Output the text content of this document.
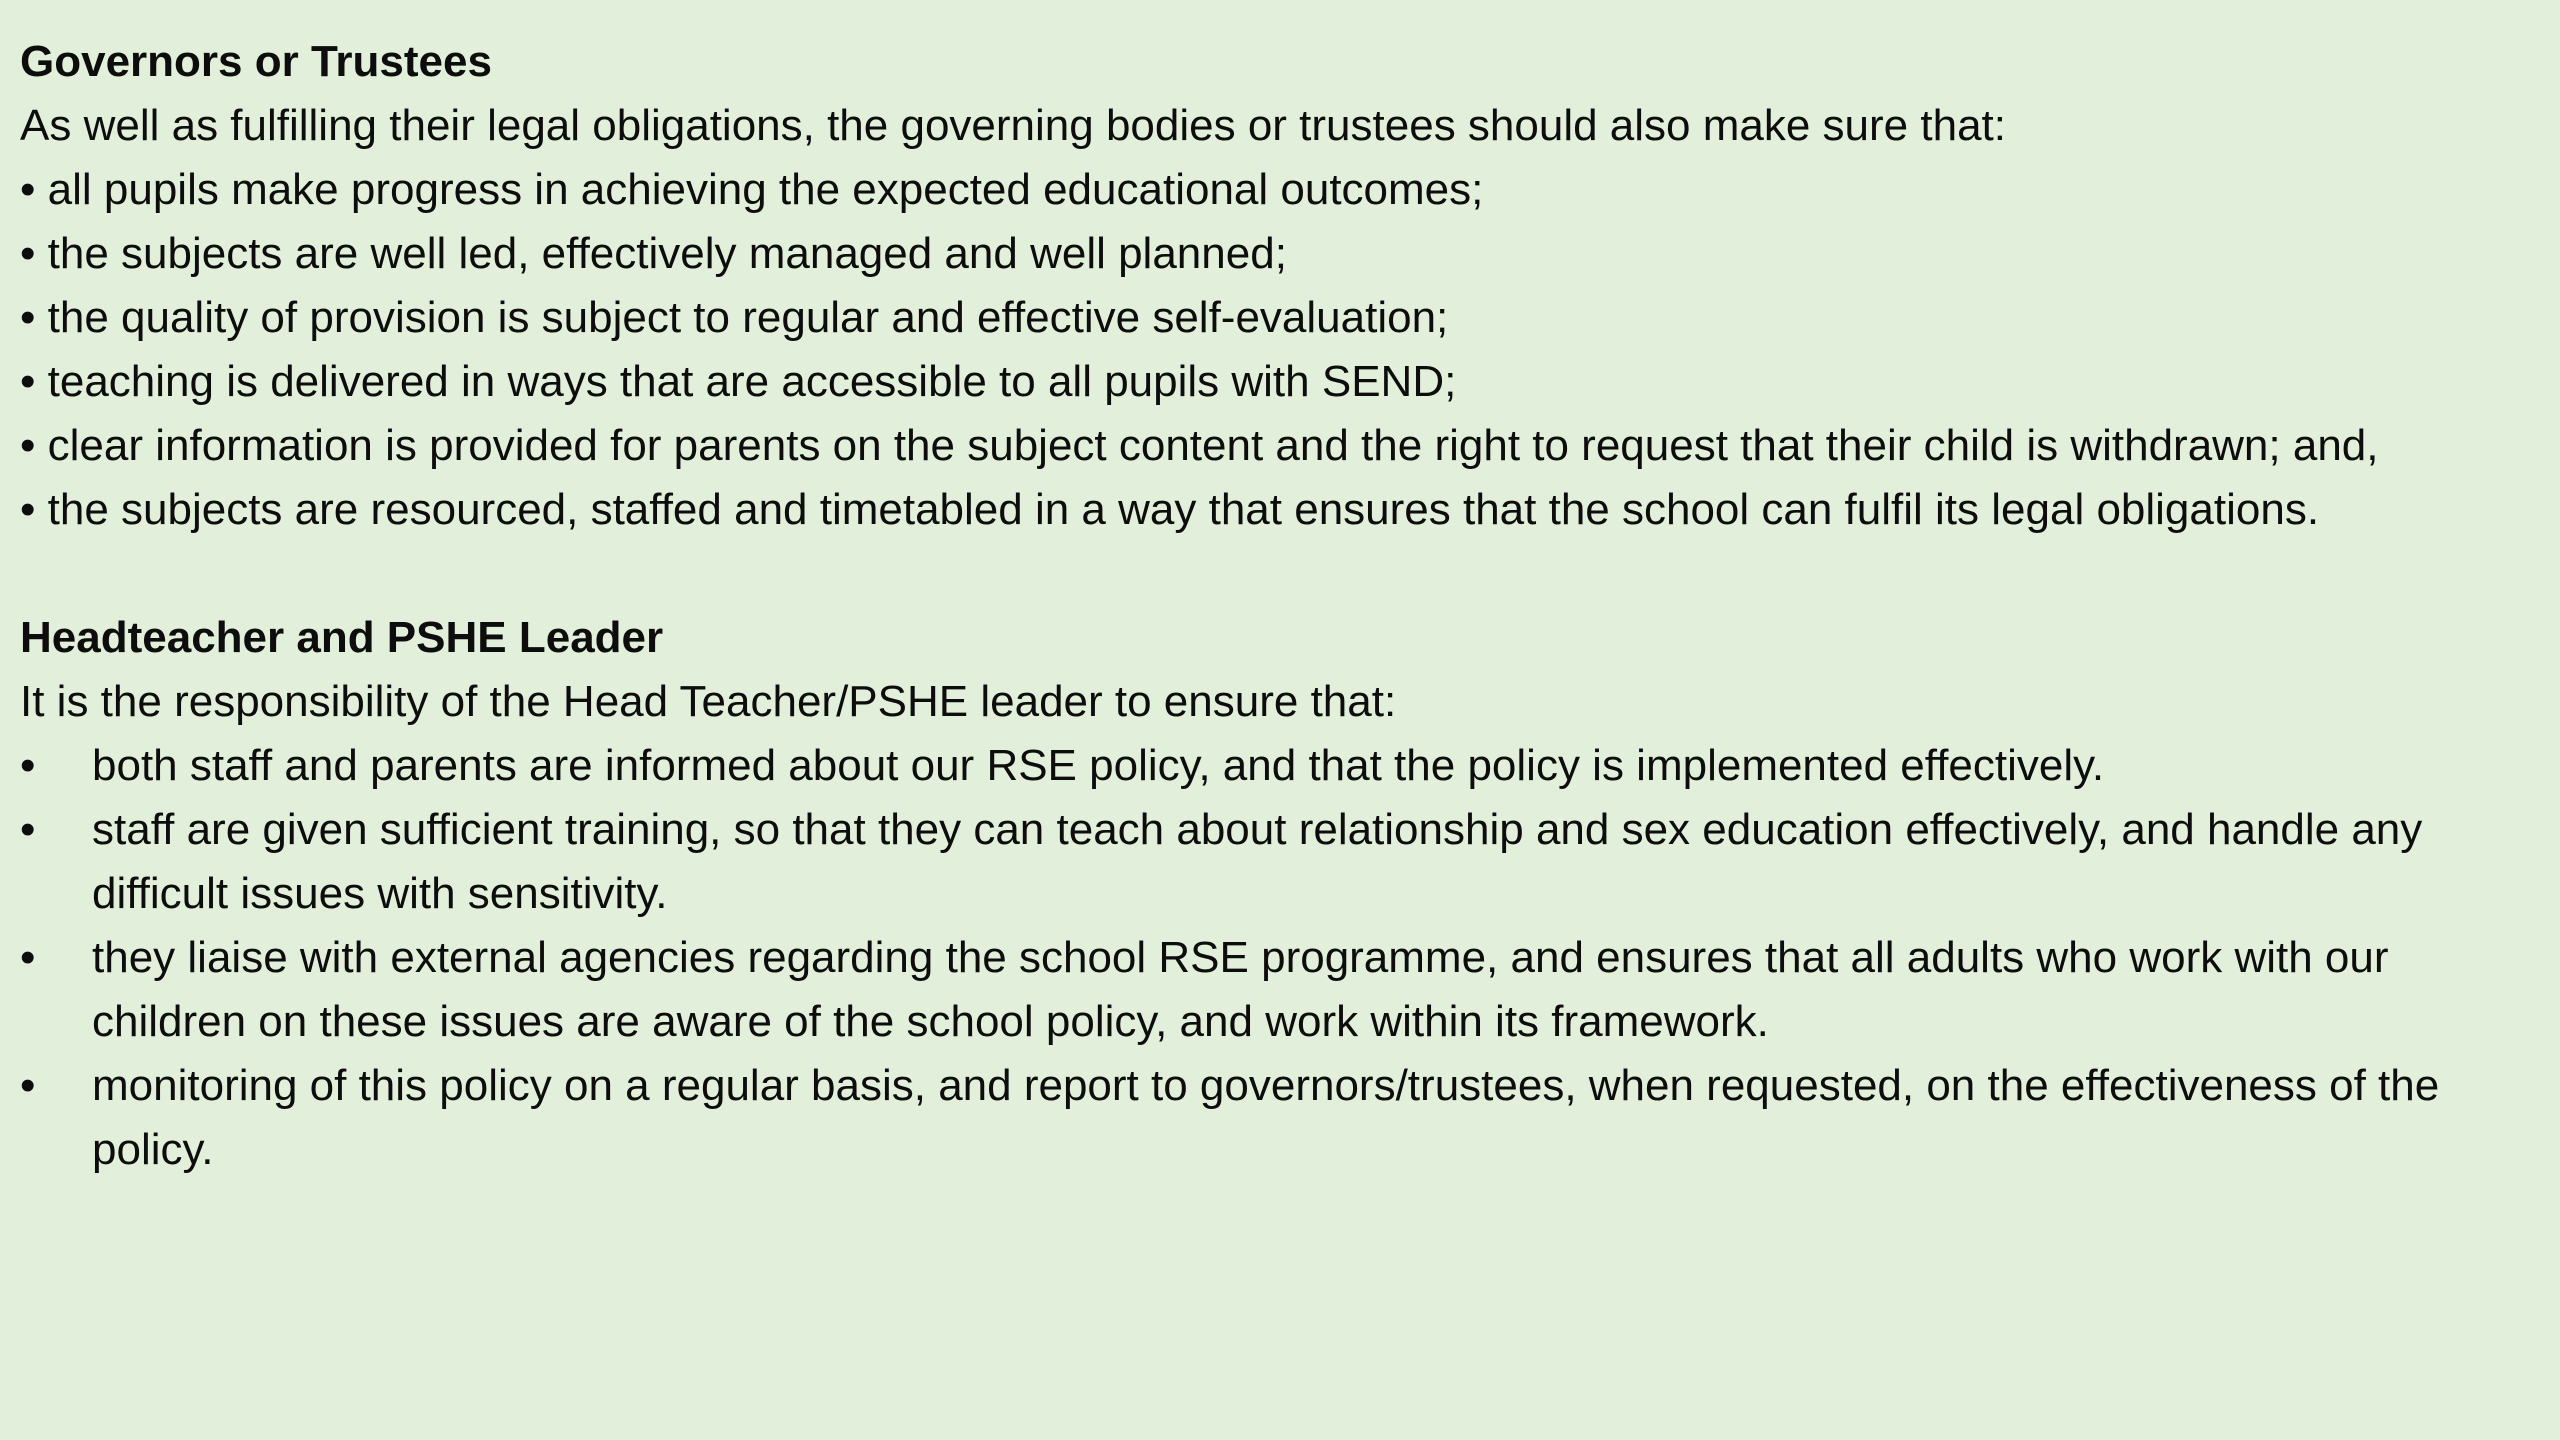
Governors or Trustees

As well as fulfilling their legal obligations, the governing bodies or trustees should also make sure that:

• all pupils make progress in achieving the expected educational outcomes;

• the subjects are well led, effectively managed and well planned;

• the quality of provision is subject to regular and effective self-evaluation;

• teaching is delivered in ways that are accessible to all pupils with SEND;

• clear information is provided for parents on the subject content and the right to request that their child is withdrawn; and,

• the subjects are resourced, staffed and timetabled in a way that ensures that the school can fulfil its legal obligations.

Headteacher and PSHE Leader

It is the responsibility of the Head Teacher/PSHE leader to ensure that:

•	both staff and parents are informed about our RSE policy, and that the policy is implemented effectively.
•	staff are given sufficient training, so that they can teach about relationship and sex education effectively, and handle any difficult issues with sensitivity.
•	they liaise with external agencies regarding the school RSE programme, and ensures that all adults who work with our children on these issues are aware of the school policy, and work within its framework.
•	monitoring of this policy on a regular basis, and report to governors/trustees, when requested, on the effectiveness of the policy.
